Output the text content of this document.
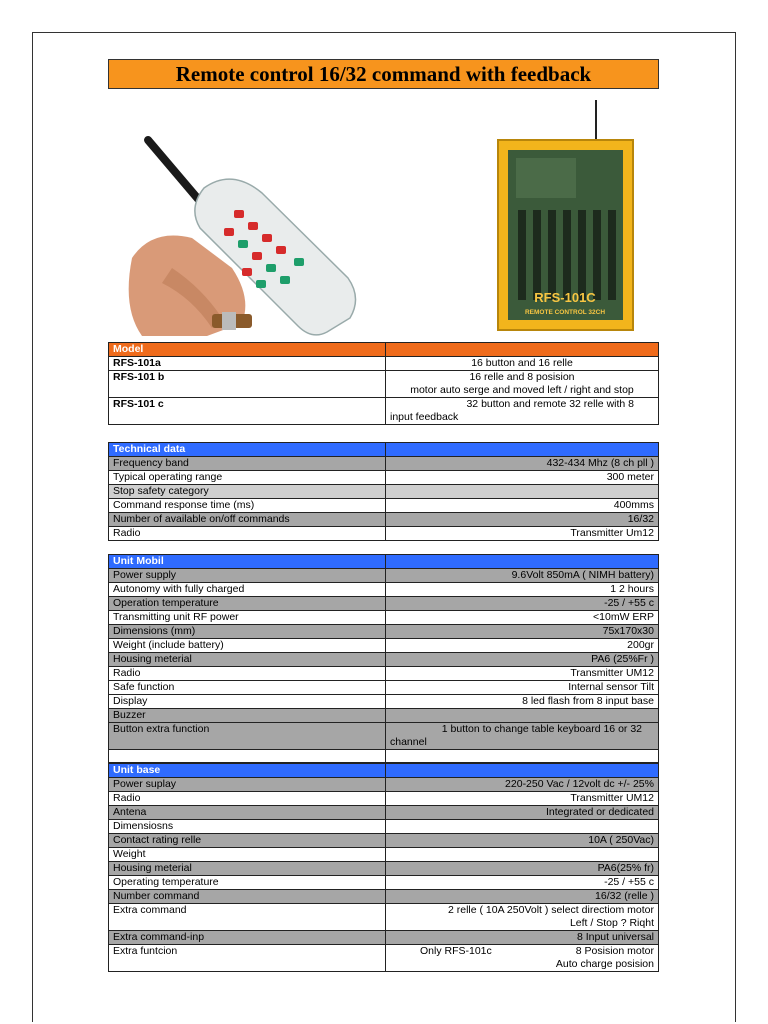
Remote control 16/32 command with feedback
RFS-101C
REMOTE CONTROL 32CH
Model	
RFS-101a	16 button and 16 relle
RFS-101 b	16 relle and 8 posision
motor auto serge and moved left / right and stop

RFS-101 c	32 button and remote 32 relle with 8
input feedback
Technical data	
Frequency band	432-434 Mhz (8 ch pll )
Typical operating range	300 meter
Stop safety category	
Command response time (ms)	400mms
Number of available on/off commands	16/32
Radio	Transmitter Um12
Unit Mobil	
Power supply	9.6Volt 850mA ( NIMH battery)
Autonomy with fully charged	1 2 hours
Operation temperature	-25 / +55 c
Transmitting unit RF power	<10mW ERP
Dimensions (mm)	75x170x30
Weight (include battery)	200gr
Housing meterial	PA6 (25%Fr )
Radio	Transmitter UM12
Safe function	Internal sensor Tilt
Display	8 led flash from 8 input base
Buzzer	
Button extra function	1 button to change table keyboard 16 or 32
channel

Unit base	
Power suplay	220-250 Vac / 12volt dc +/- 25%
Radio	Transmitter UM12
Antena	Integrated or dedicated
Dimensiosns	
Contact rating relle	10A ( 250Vac)
Weight	
Housing meterial	PA6(25% fr)
Operating temperature	-25 / +55 c
Number command	16/32 (relle )
Extra command	2 relle ( 10A 250Volt ) select directiom motor
Left / Stop ? Riqht

Extra command-inp	8 Input universal
Extra funtcion	Only RFS-101c 8 Posision motor
Auto charge posision
